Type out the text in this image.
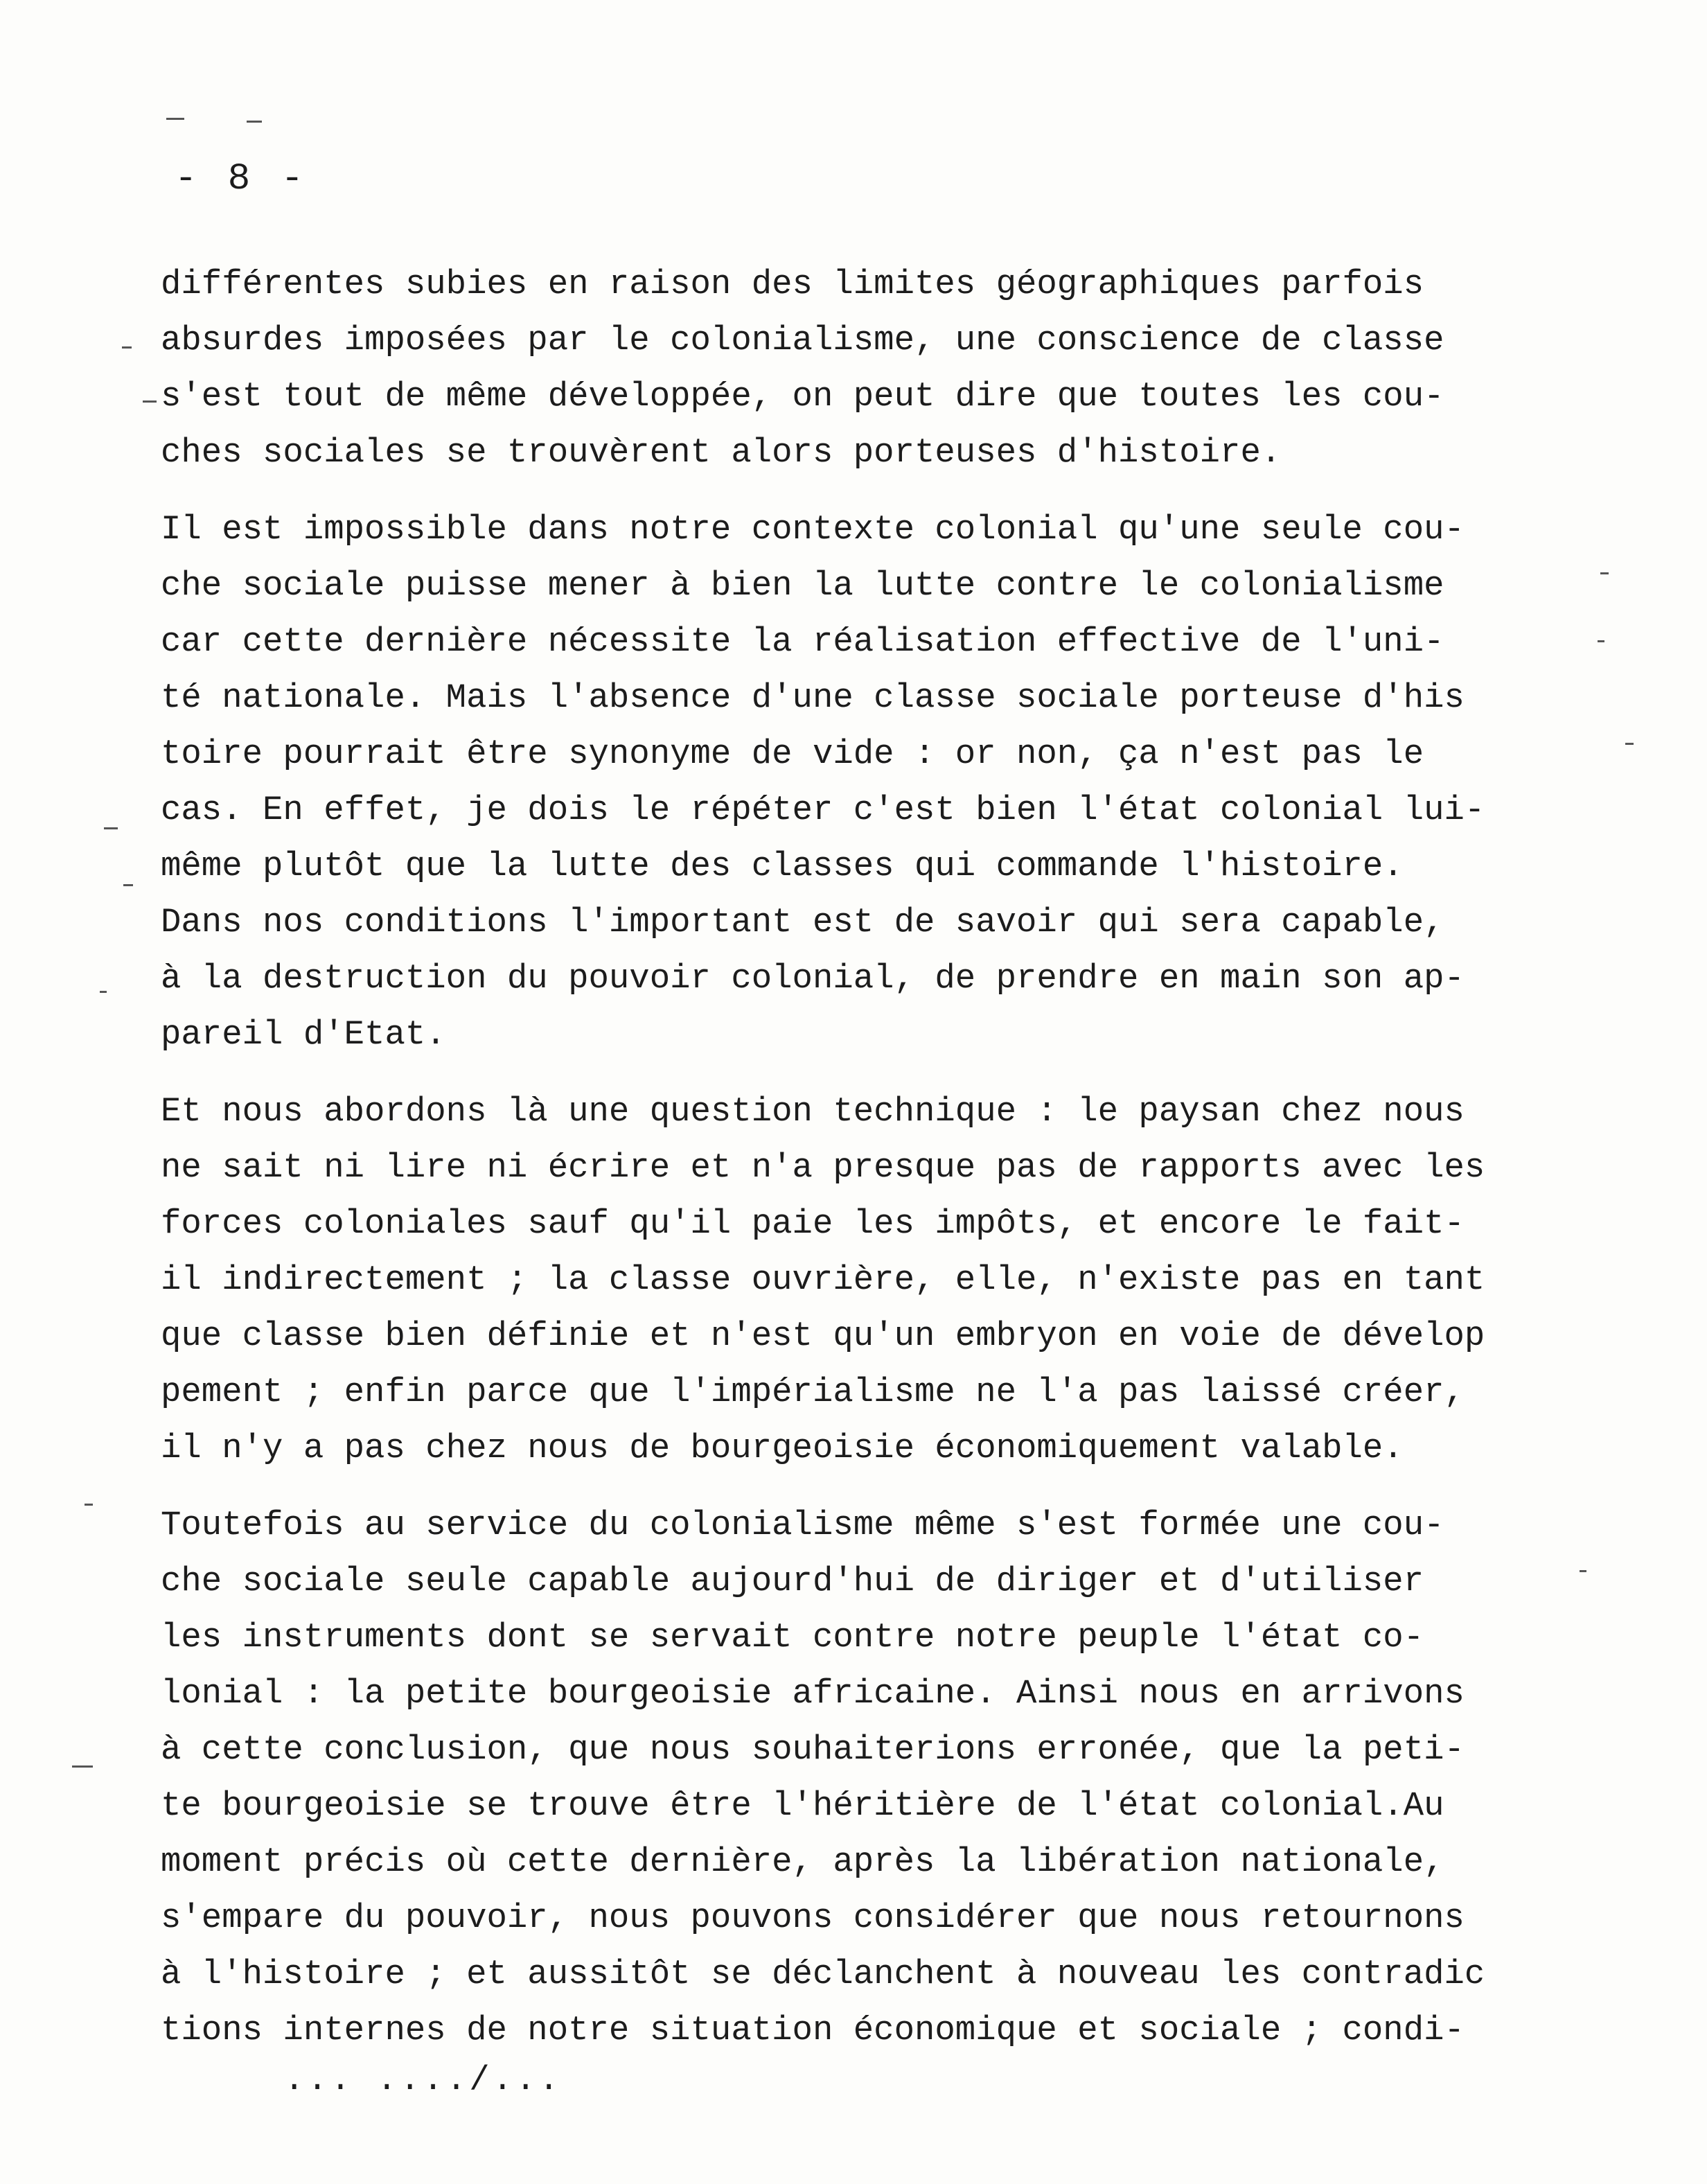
- 8 -
différentes subies en raison des limites géographiques parfois
absurdes imposées par le colonialisme, une conscience de classe
s'est tout de même développée, on peut dire que toutes les cou-
ches sociales se trouvèrent alors porteuses d'histoire.
Il est impossible dans notre contexte colonial qu'une seule cou-
che sociale puisse mener à bien la lutte contre le colonialisme
car cette dernière nécessite la réalisation effective de l'uni-
té nationale. Mais l'absence d'une classe sociale porteuse d'his
toire pourrait être synonyme de vide : or non, ça n'est pas le
cas. En effet, je dois le répéter c'est bien l'état colonial lui-
même plutôt que la lutte des classes qui commande l'histoire.
Dans nos conditions l'important est de savoir qui sera capable,
à la destruction du pouvoir colonial, de prendre en main son ap-
pareil d'Etat.
Et nous abordons là une question technique : le paysan chez nous
ne sait ni lire ni écrire et n'a presque pas de rapports avec les
forces coloniales sauf qu'il paie les impôts, et encore le fait-
il indirectement ; la classe ouvrière, elle, n'existe pas en tant
que classe bien définie et n'est qu'un embryon en voie de dévelop
pement ; enfin parce que l'impérialisme ne l'a pas laissé créer,
il n'y a pas chez nous de bourgeoisie économiquement valable.
Toutefois au service du colonialisme même s'est formée une cou-
che sociale seule capable aujourd'hui de diriger et d'utiliser
les instruments dont se servait contre notre peuple l'état co-
lonial : la petite bourgeoisie africaine. Ainsi nous en arrivons
à cette conclusion, que nous souhaiterions erronée, que la peti-
te bourgeoisie se trouve être l'héritière de l'état colonial.Au
moment précis où cette dernière, après la libération nationale,
s'empare du pouvoir, nous pouvons considérer que nous retournons
à l'histoire ; et aussitôt se déclanchent à nouveau les contradic
tions internes de notre situation économique et sociale ; condi-
... ..../...
